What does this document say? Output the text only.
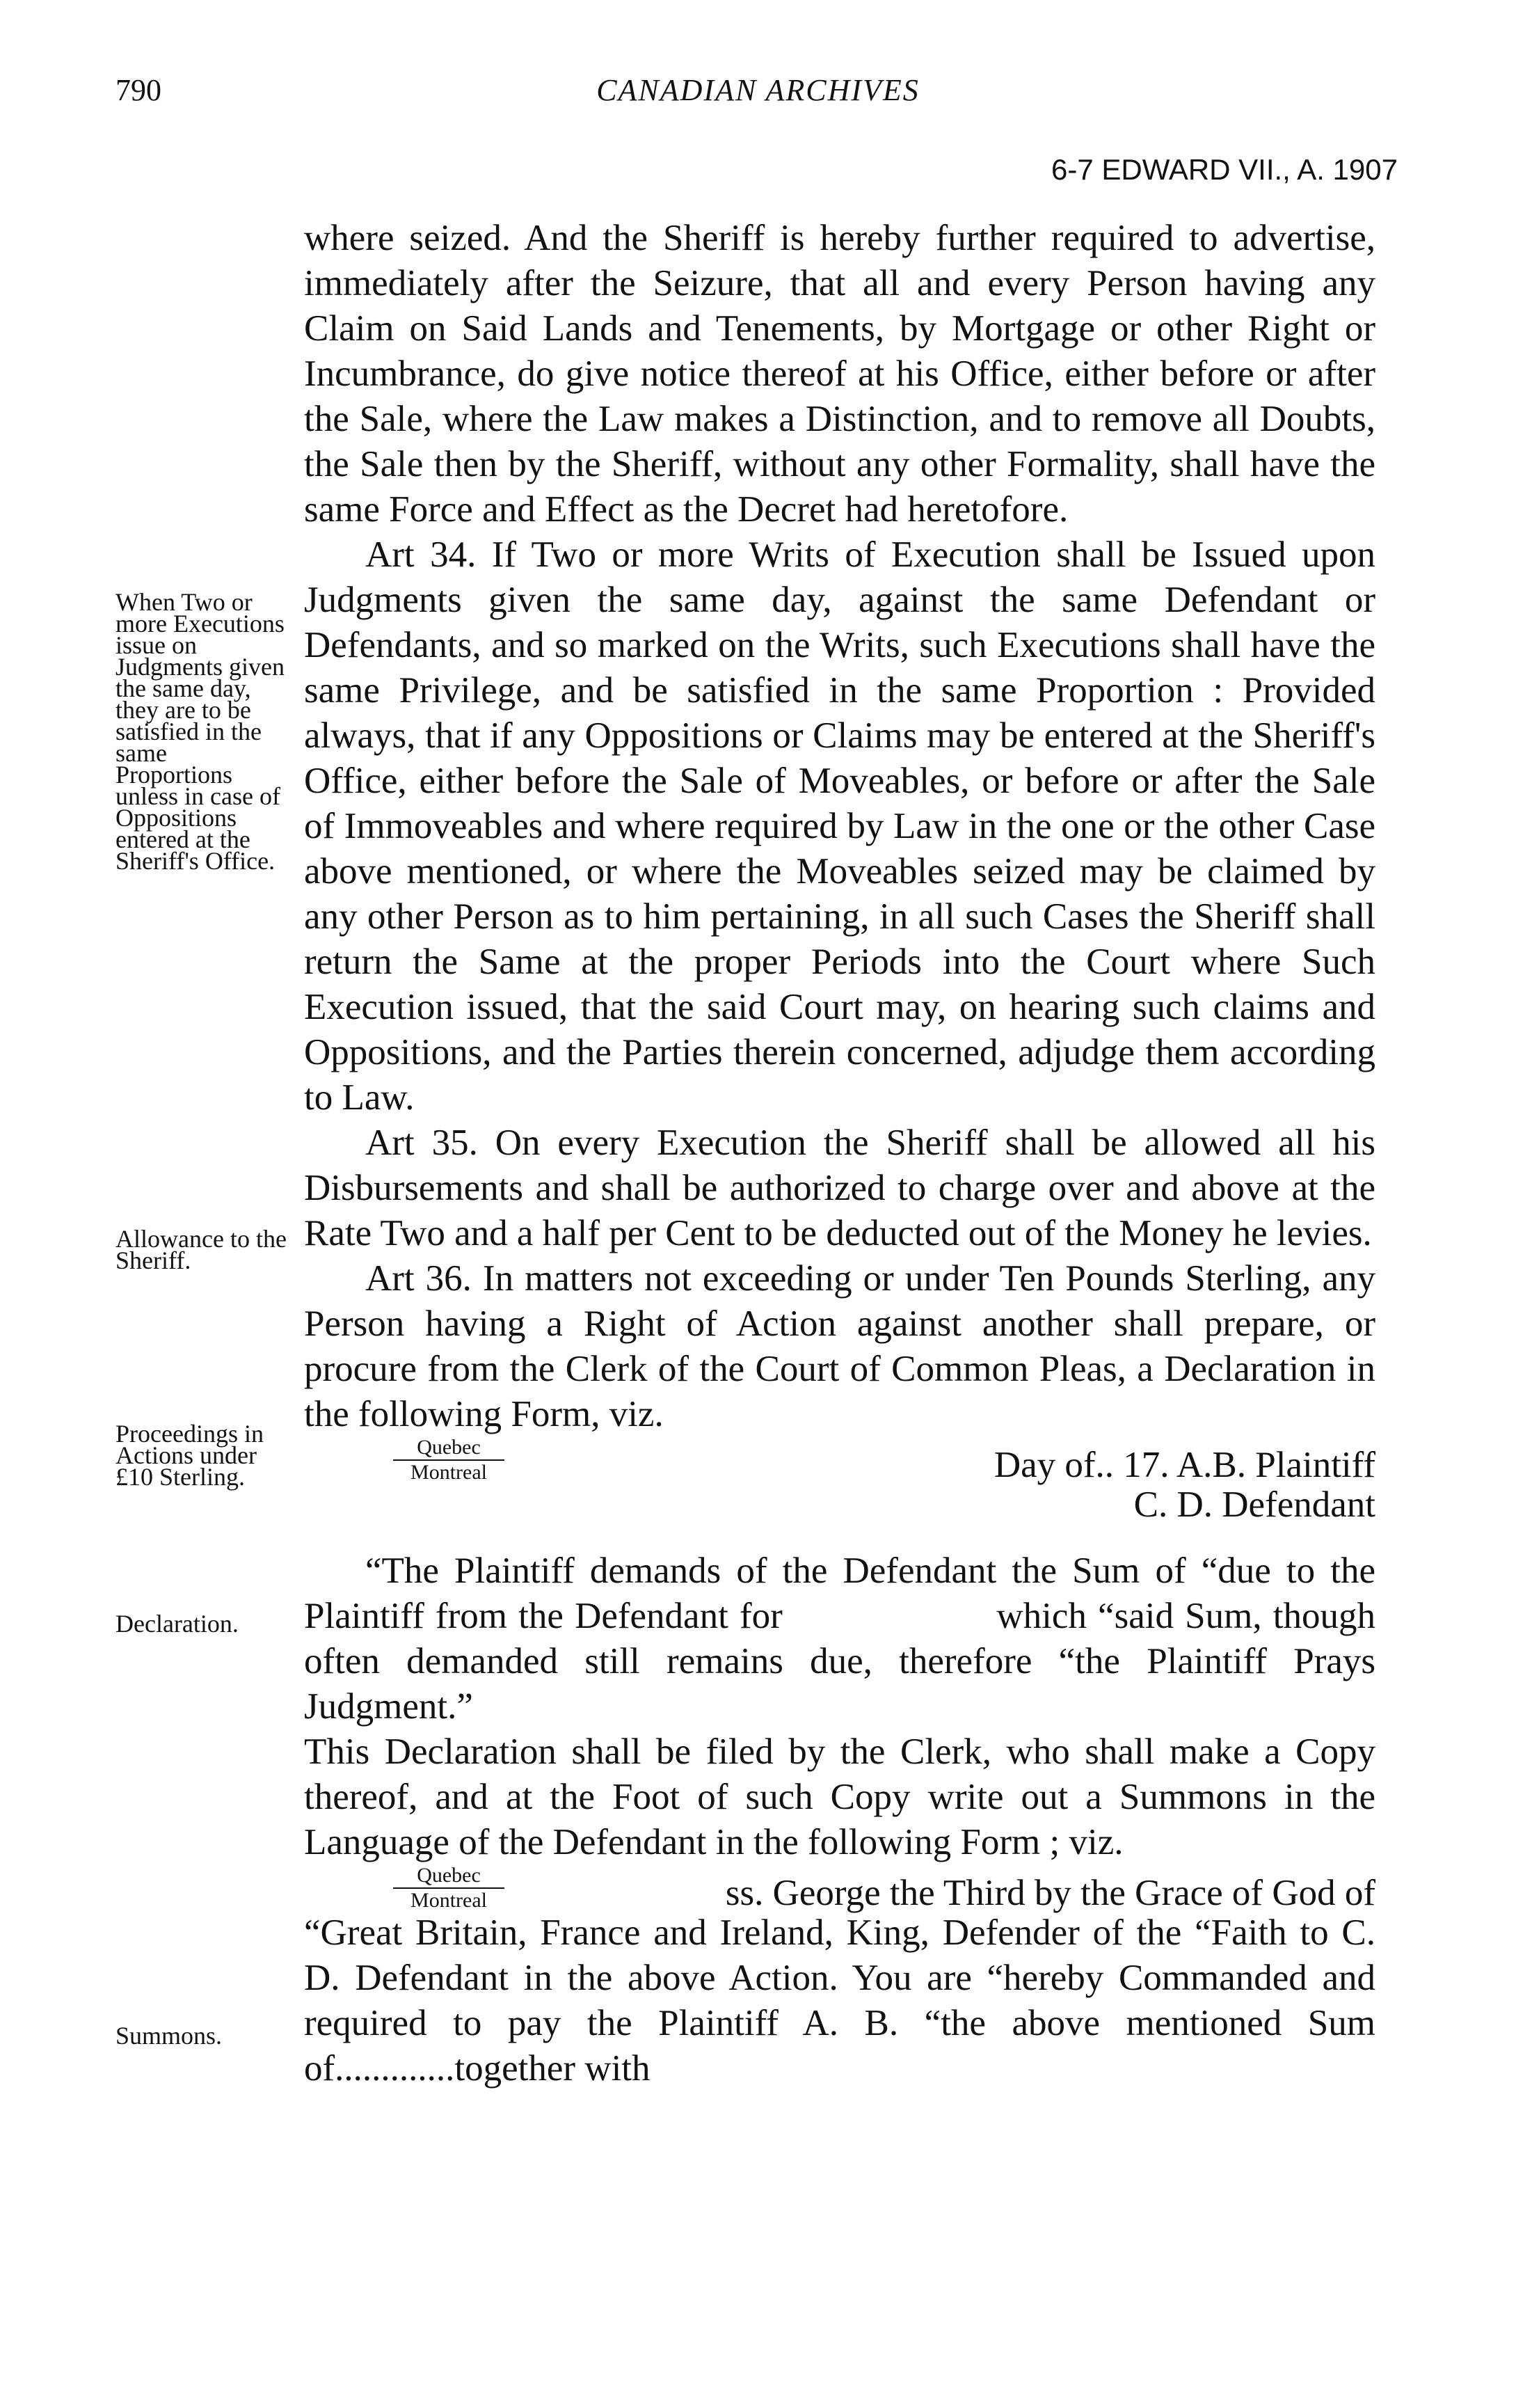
790	CANADIAN ARCHIVES
6-7 EDWARD VII., A. 1907
When Two or more Executions issue on Judgments given the same day, they are to be satisfied in the same Proportions unless in case of Oppositions entered at the Sheriff's Office.
Allowance to the Sheriff.
Proceedings in Actions under £10 Sterling.
Declaration.
Summons.

where seized. And the Sheriff is hereby further required to advertise, immediately after the Seizure, that all and every Person having any Claim on Said Lands and Tenements, by Mortgage or other Right or Incumbrance, do give notice thereof at his Office, either before or after the Sale, where the Law makes a Distinction, and to remove all Doubts, the Sale then by the Sheriff, without any other Formality, shall have the same Force and Effect as the Decret had heretofore.

Art 34. If Two or more Writs of Execution shall be Issued upon Judgments given the same day, against the same Defendant or Defendants, and so marked on the Writs, such Executions shall have the same Privilege, and be satisfied in the same Proportion : Provided always, that if any Oppositions or Claims may be entered at the Sheriff's Office, either before the Sale of Moveables, or before or after the Sale of Immoveables and where required by Law in the one or the other Case above mentioned, or where the Moveables seized may be claimed by any other Person as to him pertaining, in all such Cases the Sheriff shall return the Same at the proper Periods into the Court where Such Execution issued, that the said Court may, on hearing such claims and Oppositions, and the Parties therein concerned, adjudge them according to Law.

Art 35. On every Execution the Sheriff shall be allowed all his Disbursements and shall be authorized to charge over and above at the Rate Two and a half per Cent to be deducted out of the Money he levies.

Art 36. In matters not exceeding or under Ten Pounds Sterling, any Person having a Right of Action against another shall prepare, or procure from the Clerk of the Court of Common Pleas, a Declaration in the following Form, viz.

Quebec
Montreal	Day of.. 17. A.B. Plaintiff

C. D. Defendant

“The Plaintiff demands of the Defendant the Sum of “due to the Plaintiff from the Defendant for                   which “said Sum, though often demanded still remains due, therefore “the Plaintiff Prays Judgment.”

This Declaration shall be filed by the Clerk, who shall make a Copy thereof, and at the Foot of such Copy write out a Summons in the Language of the Defendant in the following Form ; viz.

Quebec
Montreal	ss. George the Third by the Grace of God of

“Great Britain, France and Ireland, King, Defender of the “Faith to C. D. Defendant in the above Action. You are “hereby Commanded and required to pay the Plaintiff A. B. “the above mentioned Sum of.............together with
